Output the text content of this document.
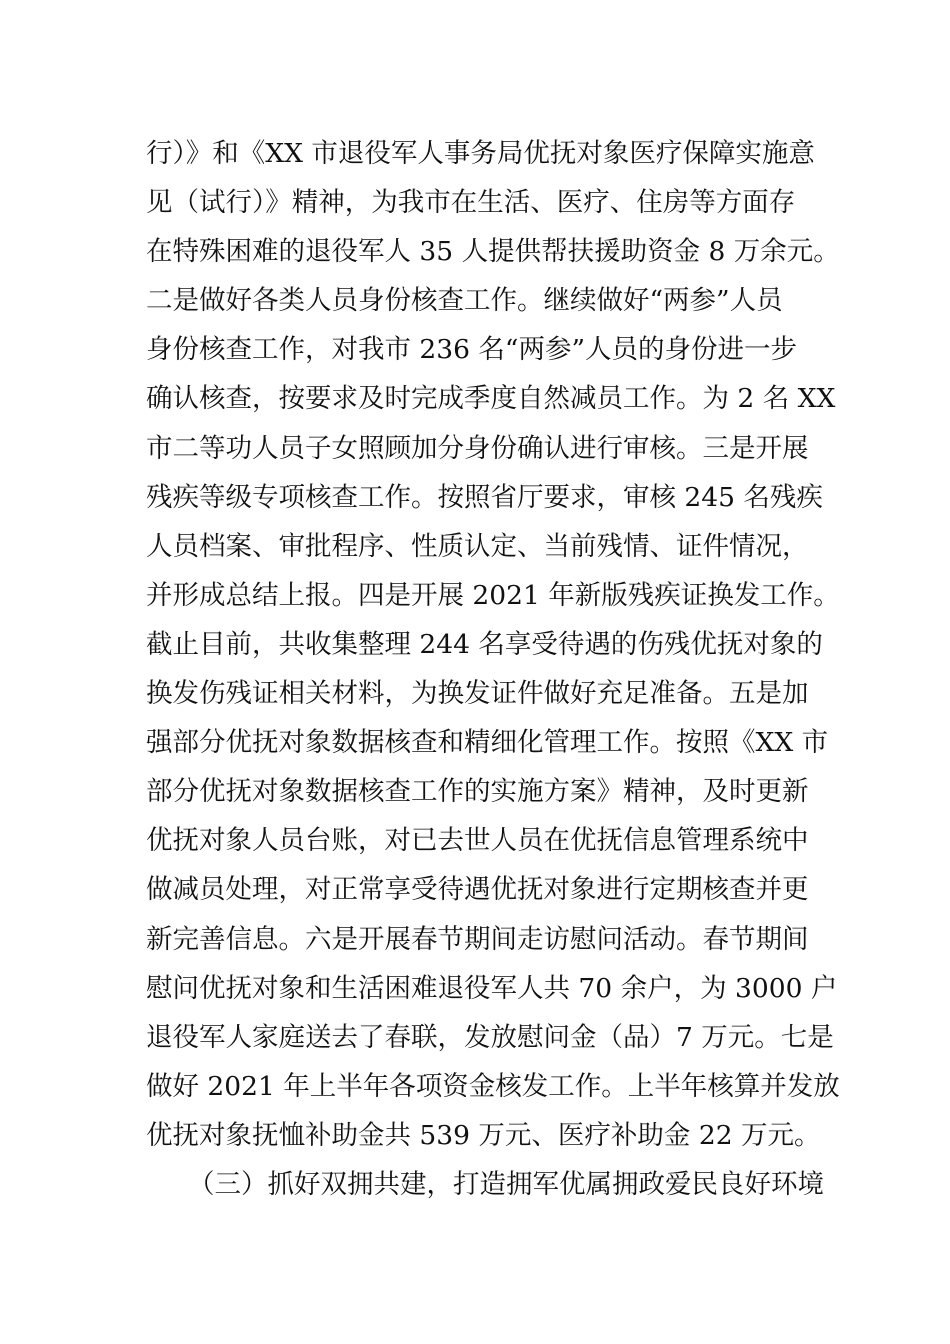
行）》和《XX 市退役军人事务局优抚对象医疗保障实施意
见（试行）》精神，为我市在生活、医疗、住房等方面存
在特殊困难的退役军人 35 人提供帮扶援助资金 8 万余元。
二是做好各类人员身份核查工作。继续做好“两参”人员
身份核查工作，对我市 236 名“两参”人员的身份进一步
确认核查，按要求及时完成季度自然减员工作。为 2 名 XX
市二等功人员子女照顾加分身份确认进行审核。三是开展
残疾等级专项核查工作。按照省厅要求，审核 245 名残疾
人员档案、审批程序、性质认定、当前残情、证件情况，
并形成总结上报。四是开展 2021 年新版残疾证换发工作。
截止目前，共收集整理 244 名享受待遇的伤残优抚对象的
换发伤残证相关材料，为换发证件做好充足准备。五是加
强部分优抚对象数据核查和精细化管理工作。按照《XX 市
部分优抚对象数据核查工作的实施方案》精神，及时更新
优抚对象人员台账，对已去世人员在优抚信息管理系统中
做减员处理，对正常享受待遇优抚对象进行定期核查并更
新完善信息。六是开展春节期间走访慰问活动。春节期间
慰问优抚对象和生活困难退役军人共 70 余户，为 3000 户
退役军人家庭送去了春联，发放慰问金（品）7 万元。七是
做好 2021 年上半年各项资金核发工作。上半年核算并发放
优抚对象抚恤补助金共 539 万元、医疗补助金 22 万元。
（三）抓好双拥共建，打造拥军优属拥政爱民良好环境
